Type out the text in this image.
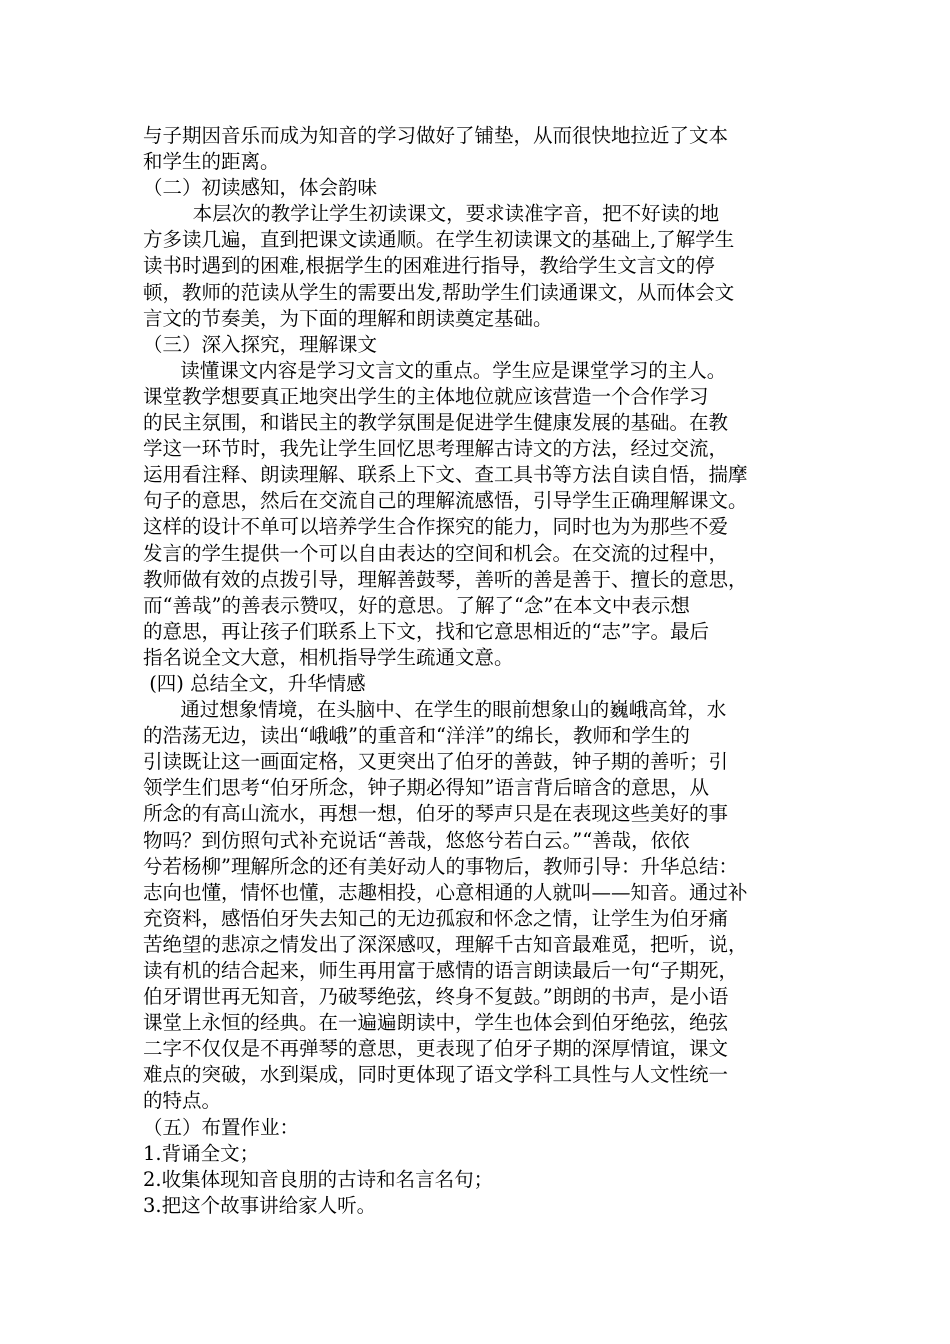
与子期因音乐而成为知音的学习做好了铺垫，从而很快地拉近了文本
和学生的距离。
（二）初读感知，体会韵味
本层次的教学让学生初读课文，要求读准字音，把不好读的地
方多读几遍，直到把课文读通顺。在学生初读课文的基础上,了解学生
读书时遇到的困难,根据学生的困难进行指导，教给学生文言文的停
顿，教师的范读从学生的需要出发,帮助学生们读通课文，从而体会文
言文的节奏美，为下面的理解和朗读奠定基础。
（三）深入探究，理解课文
读懂课文内容是学习文言文的重点。学生应是课堂学习的主人。
课堂教学想要真正地突出学生的主体地位就应该营造一个合作学习
的民主氛围，和谐民主的教学氛围是促进学生健康发展的基础。在教
学这一环节时，我先让学生回忆思考理解古诗文的方法，经过交流，
运用看注释、朗读理解、联系上下文、查工具书等方法自读自悟，揣摩
句子的意思，然后在交流自己的理解流感悟，引导学生正确理解课文。
这样的设计不单可以培养学生合作探究的能力，同时也为为那些不爱
发言的学生提供一个可以自由表达的空间和机会。在交流的过程中，
教师做有效的点拨引导，理解善鼓琴，善听的善是善于、擅长的意思，
而“善哉”的善表示赞叹，好的意思。了解了“念”在本文中表示想
的意思，再让孩子们联系上下文，找和它意思相近的“志”字。最后
指名说全文大意，相机指导学生疏通文意。
(四) 总结全文，升华情感
通过想象情境，在头脑中、在学生的眼前想象山的巍峨高耸，水
的浩荡无边，读出“峨峨”的重音和“洋洋”的绵长，教师和学生的
引读既让这一画面定格，又更突出了伯牙的善鼓，钟子期的善听；引
领学生们思考“伯牙所念，钟子期必得知”语言背后暗含的意思，从
所念的有高山流水，再想一想，伯牙的琴声只是在表现这些美好的事
物吗？到仿照句式补充说话“善哉，悠悠兮若白云。”“善哉，依依
兮若杨柳”理解所念的还有美好动人的事物后，教师引导：升华总结：
志向也懂，情怀也懂，志趣相投，心意相通的人就叫——知音。通过补
充资料，感悟伯牙失去知己的无边孤寂和怀念之情，让学生为伯牙痛
苦绝望的悲凉之情发出了深深感叹，理解千古知音最难觅，把听，说，
读有机的结合起来，师生再用富于感情的语言朗读最后一句“子期死，
伯牙谓世再无知音，乃破琴绝弦，终身不复鼓。”朗朗的书声，是小语
课堂上永恒的经典。在一遍遍朗读中，学生也体会到伯牙绝弦，绝弦
二字不仅仅是不再弹琴的意思，更表现了伯牙子期的深厚情谊，课文
难点的突破，水到渠成，同时更体现了语文学科工具性与人文性统一
的特点。
（五）布置作业：
1.背诵全文；
2.收集体现知音良朋的古诗和名言名句；
3.把这个故事讲给家人听。
